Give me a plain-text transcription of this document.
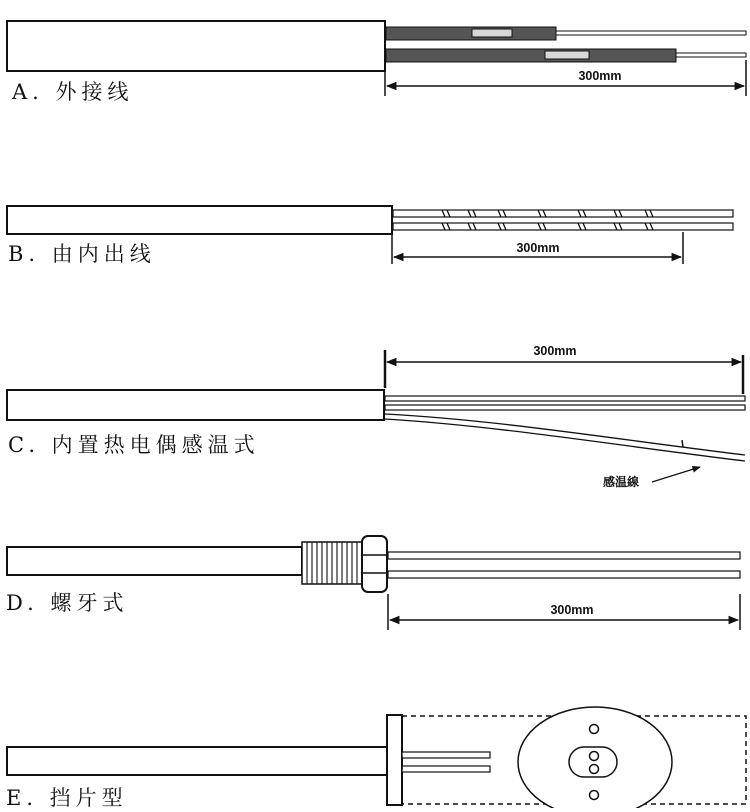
300mm
300mm
300mm
感温線
300mm
A. 外接线
B. 由内出线
C. 内置热电偶感温式
D. 螺牙式
E. 挡片型
